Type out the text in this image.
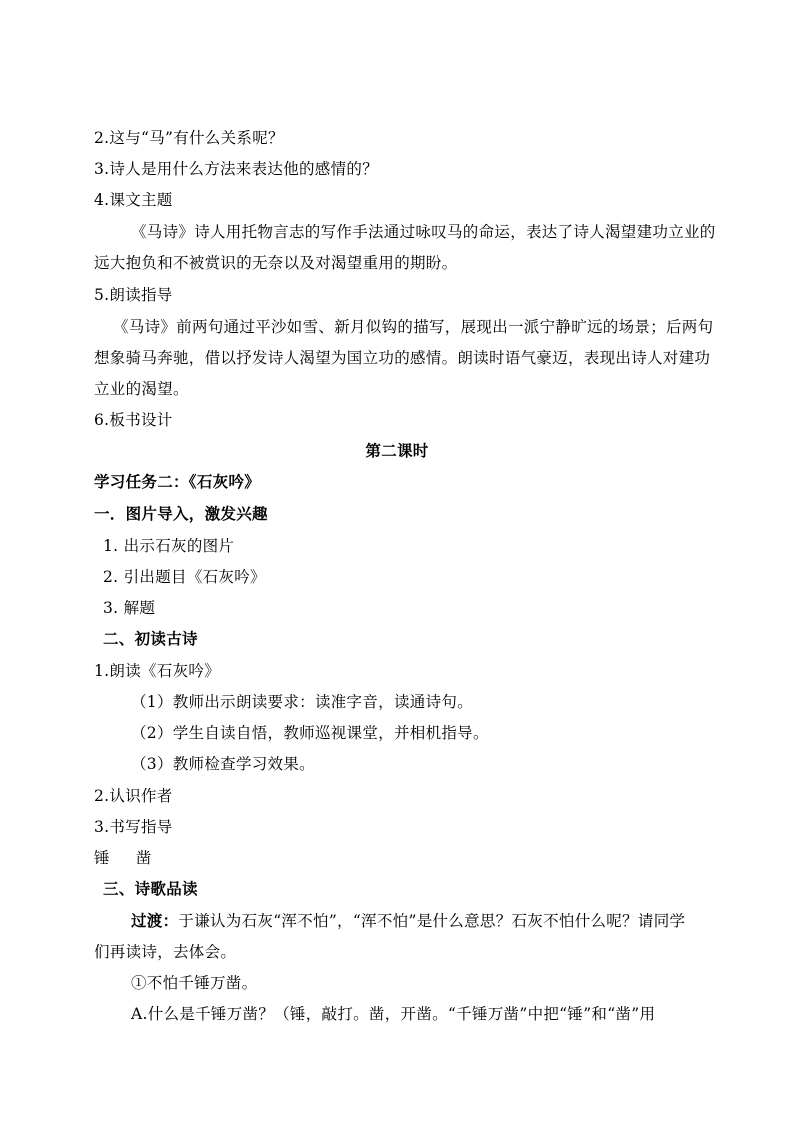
2.这与“马”有什么关系呢？
3.诗人是用什么方法来表达他的感情的？
4.课文主题
《马诗》诗人用托物言志的写作手法通过咏叹马的命运，表达了诗人渴望建功立业的
远大抱负和不被赏识的无奈以及对渴望重用的期盼。
5.朗读指导
《马诗》前两句通过平沙如雪、新月似钩的描写，展现出一派宁静旷远的场景；后两句
想象骑马奔驰，借以抒发诗人渴望为国立功的感情。朗读时语气豪迈，表现出诗人对建功
立业的渴望。
6.板书设计
第二课时
学习任务二：《石灰吟》
一．图片导入，激发兴趣
1. 出示石灰的图片
2. 引出题目《石灰吟》
3. 解题
二、初读古诗
1.朗读《石灰吟》
（1）教师出示朗读要求：读准字音，读通诗句。
（2）学生自读自悟，教师巡视课堂，并相机指导。
（3）教师检查学习效果。
2.认识作者
3.书写指导
锤     凿
三、诗歌品读
过渡：于谦认为石灰“浑不怕”，“浑不怕”是什么意思？石灰不怕什么呢？请同学
们再读诗，去体会。
①不怕千锤万凿。
A.什么是千锤万凿？（锤，敲打。凿，开凿。“千锤万凿”中把“锤”和“凿”用
